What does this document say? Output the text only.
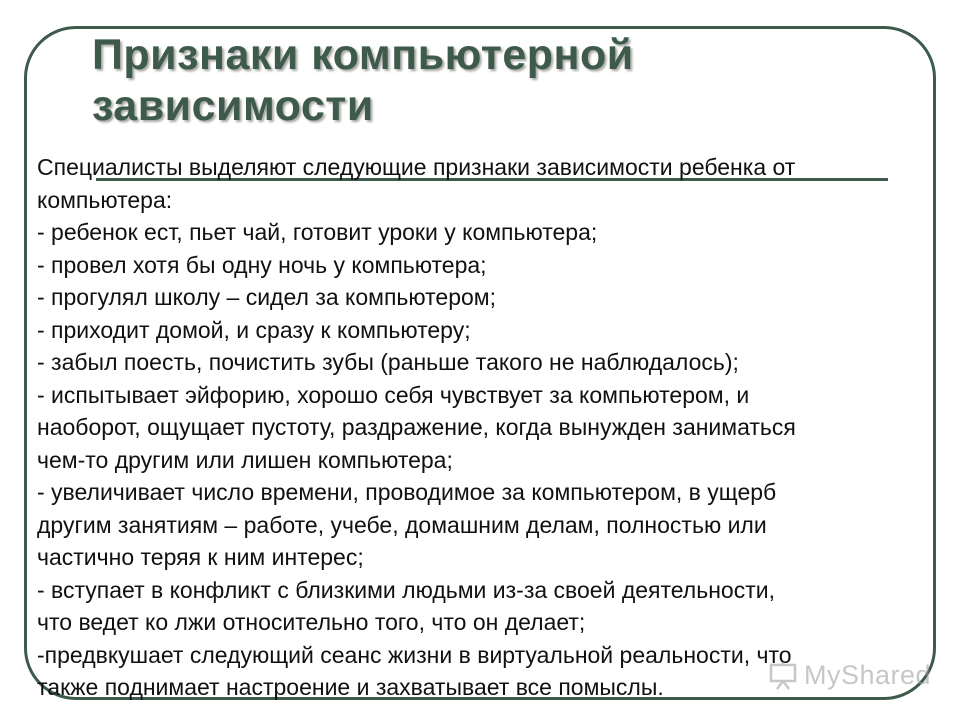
Признаки компьютерной
зависимости
Специалисты выделяют следующие признаки зависимости ребенка от
компьютера:
- ребенок ест, пьет чай, готовит уроки у компьютера;
- провел хотя бы одну ночь у компьютера;
- прогулял школу – сидел за компьютером;
- приходит домой, и сразу к компьютеру;
- забыл поесть, почистить зубы (раньше такого не наблюдалось);
- испытывает эйфорию, хорошо себя чувствует за компьютером, и
наоборот, ощущает пустоту, раздражение, когда вынужден заниматься
чем-то другим или лишен компьютера;
- увеличивает число времени, проводимое за компьютером, в ущерб
другим занятиям – работе, учебе, домашним делам, полностью или
частично теряя к ним интерес;
- вступает в конфликт с близкими людьми из-за своей деятельности,
что ведет ко лжи относительно того, что он делает;
-предвкушает следующий сеанс жизни в виртуальной реальности, что
также поднимает настроение и захватывает все помыслы.	MyShared
